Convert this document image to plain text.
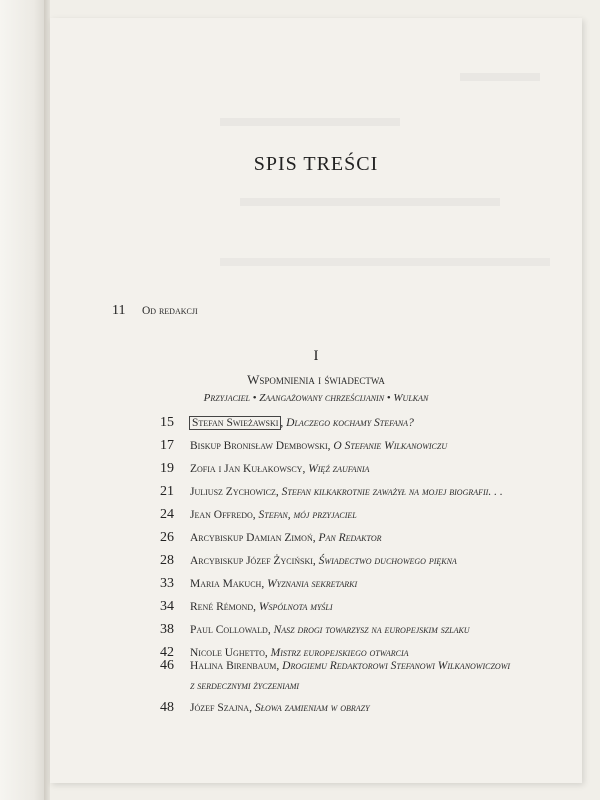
SPIS TREŚCI
11	Od redakcji
I
Wspomnienia i świadectwa
Przyjaciel • Zaangażowany chrześcijanin • Wulkan
15	Stefan Swieżawski , Dlaczego kochamy Stefana?
17	Biskup Bronisław Dembowski , O Stefanie Wilkanowiczu
19	Zofia i Jan Kułakowscy , Więź zaufania
21	Juliusz Zychowicz , Stefan kilkakrotnie zaważył na mojej biografii. . .
24	Jean Offredo , Stefan, mój przyjaciel
26	Arcybiskup Damian Zimoń , Pan Redaktor
28	Arcybiskup Józef Życiński , Świadectwo duchowego piękna
33	Maria Makuch , Wyznania sekretarki
34	René Rémond , Wspólnota myśli
38	Paul Collowald , Nasz drogi towarzysz na europejskim szlaku
42	Nicole Ughetto , Mistrz europejskiego otwarcia
46	Halina Birenbaum , Drogiemu Redaktorowi Stefanowi Wilkanowiczowi
z serdecznymi życzeniami
48	Józef Szajna , Słowa zamieniam w obrazy
